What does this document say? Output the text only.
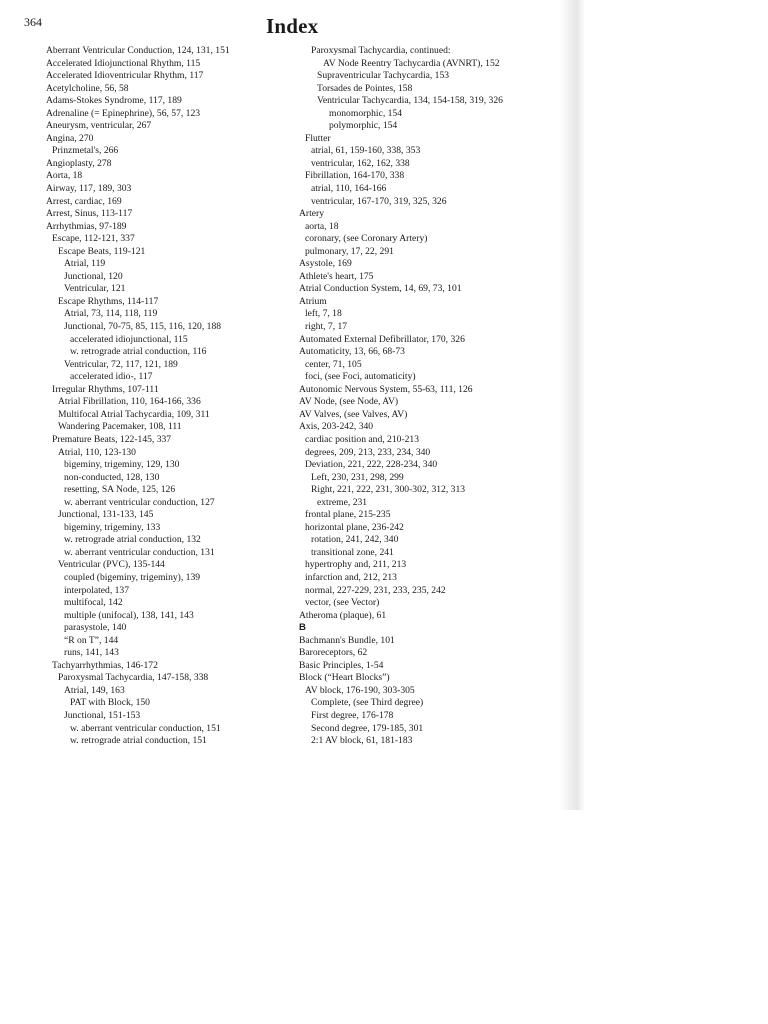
364	Index
Aberrant Ventricular Conduction, 124, 131, 151
Accelerated Idiojunctional Rhythm, 115
Accelerated Idioventricular Rhythm, 117
Acetylcholine, 56, 58
Adams-Stokes Syndrome, 117, 189
Adrenaline (= Epinephrine), 56, 57, 123
Aneurysm, ventricular, 267
Angina, 270
Prinzmetal's, 266
Angioplasty, 278
Aorta, 18
Airway, 117, 189, 303
Arrest, cardiac, 169
Arrest, Sinus, 113-117
Arrhythmias, 97-189
Escape, 112-121, 337
Escape Beats, 119-121
Atrial, 119
Junctional, 120
Ventricular, 121
Escape Rhythms, 114-117
Atrial, 73, 114, 118, 119
Junctional, 70-75, 85, 115, 116, 120, 188
accelerated idiojunctional, 115
w. retrograde atrial conduction, 116
Ventricular, 72, 117, 121, 189
accelerated idio-, 117
Irregular Rhythms, 107-111
Atrial Fibrillation, 110, 164-166, 336
Multifocal Atrial Tachycardia, 109, 311
Wandering Pacemaker, 108, 111
Premature Beats, 122-145, 337
Atrial, 110, 123-130
bigeminy, trigeminy, 129, 130
non-conducted, 128, 130
resetting, SA Node, 125, 126
w. aberrant ventricular conduction, 127
Junctional, 131-133, 145
bigeminy, trigeminy, 133
w. retrograde atrial conduction, 132
w. aberrant ventricular conduction, 131
Ventricular (PVC), 135-144
coupled (bigeminy, trigeminy), 139
interpolated, 137
multifocal, 142
multiple (unifocal), 138, 141, 143
parasystole, 140
“R on T”, 144
runs, 141, 143
Tachyarrhythmias, 146-172
Paroxysmal Tachycardia, 147-158, 338
Atrial, 149, 163
PAT with Block, 150
Junctional, 151-153
w. aberrant ventricular conduction, 151
w. retrograde atrial conduction, 151
Paroxysmal Tachycardia, continued:
AV Node Reentry Tachycardia (AVNRT), 152
Supraventricular Tachycardia, 153
Torsades de Pointes, 158
Ventricular Tachycardia, 134, 154-158, 319, 326
monomorphic, 154
polymorphic, 154
Flutter
atrial, 61, 159-160, 338, 353
ventricular, 162, 162, 338
Fibrillation, 164-170, 338
atrial, 110, 164-166
ventricular, 167-170, 319, 325, 326
Artery
aorta, 18
coronary, (see Coronary Artery)
pulmonary, 17, 22, 291
Asystole, 169
Athlete's heart, 175
Atrial Conduction System, 14, 69, 73, 101
Atrium
left, 7, 18
right, 7, 17
Automated External Defibrillator, 170, 326
Automaticity, 13, 66, 68-73
center, 71, 105
foci, (see Foci, automaticity)
Autonomic Nervous System, 55-63, 111, 126
AV Node, (see Node, AV)
AV Valves, (see Valves, AV)
Axis, 203-242, 340
cardiac position and, 210-213
degrees, 209, 213, 233, 234, 340
Deviation, 221, 222, 228-234, 340
Left, 230, 231, 298, 299
Right, 221, 222, 231, 300-302, 312, 313
extreme, 231
frontal plane, 215-235
horizontal plane, 236-242
rotation, 241, 242, 340
transitional zone, 241
hypertrophy and, 211, 213
infarction and, 212, 213
normal, 227-229, 231, 233, 235, 242
vector, (see Vector)
Atheroma (plaque), 61
B
Bachmann's Bundle, 101
Baroreceptors, 62
Basic Principles, 1-54
Block (“Heart Blocks”)
AV block, 176-190, 303-305
Complete, (see Third degree)
First degree, 176-178
Second degree, 179-185, 301
2:1 AV block, 61, 181-183
